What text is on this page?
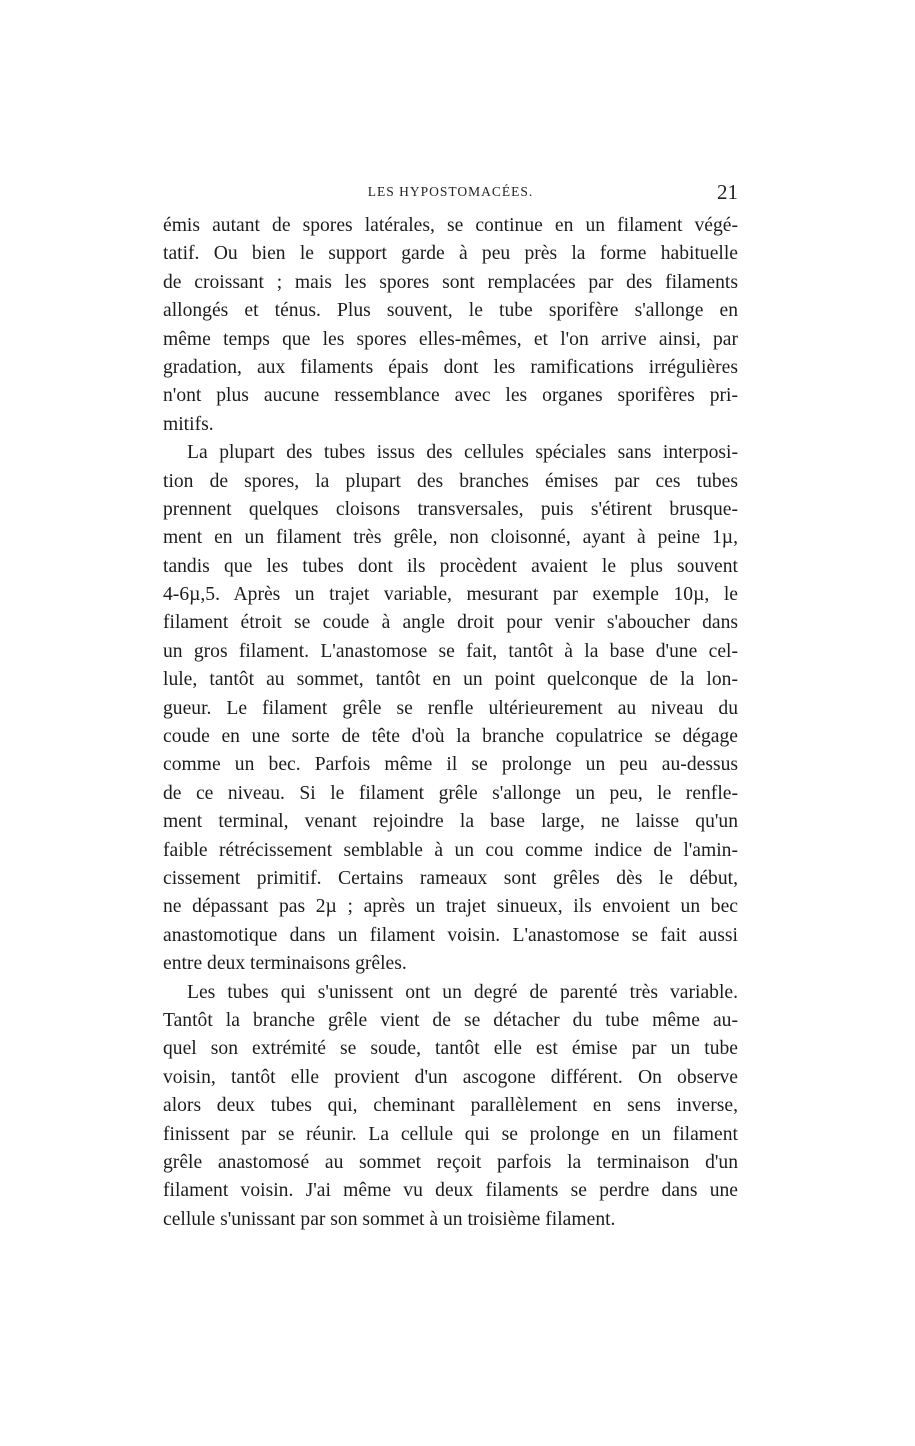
LES HYPOSTOMACÉES.	21
émis autant de spores latérales, se continue en un filament végé-
tatif. Ou bien le support garde à peu près la forme habituelle
de croissant ; mais les spores sont remplacées par des filaments
allongés et ténus. Plus souvent, le tube sporifère s'allonge en
même temps que les spores elles-mêmes, et l'on arrive ainsi, par
gradation, aux filaments épais dont les ramifications irrégulières
n'ont plus aucune ressemblance avec les organes sporifères pri-
mitifs.
La plupart des tubes issus des cellules spéciales sans interposi-
tion de spores, la plupart des branches émises par ces tubes
prennent quelques cloisons transversales, puis s'étirent brusque-
ment en un filament très grêle, non cloisonné, ayant à peine 1µ,
tandis que les tubes dont ils procèdent avaient le plus souvent
4-6µ,5. Après un trajet variable, mesurant par exemple 10µ, le
filament étroit se coude à angle droit pour venir s'aboucher dans
un gros filament. L'anastomose se fait, tantôt à la base d'une cel-
lule, tantôt au sommet, tantôt en un point quelconque de la lon-
gueur. Le filament grêle se renfle ultérieurement au niveau du
coude en une sorte de tête d'où la branche copulatrice se dégage
comme un bec. Parfois même il se prolonge un peu au-dessus
de ce niveau. Si le filament grêle s'allonge un peu, le renfle-
ment terminal, venant rejoindre la base large, ne laisse qu'un
faible rétrécissement semblable à un cou comme indice de l'amin-
cissement primitif. Certains rameaux sont grêles dès le début,
ne dépassant pas 2µ ; après un trajet sinueux, ils envoient un bec
anastomotique dans un filament voisin. L'anastomose se fait aussi
entre deux terminaisons grêles.
Les tubes qui s'unissent ont un degré de parenté très variable.
Tantôt la branche grêle vient de se détacher du tube même au-
quel son extrémité se soude, tantôt elle est émise par un tube
voisin, tantôt elle provient d'un ascogone différent. On observe
alors deux tubes qui, cheminant parallèlement en sens inverse,
finissent par se réunir. La cellule qui se prolonge en un filament
grêle anastomosé au sommet reçoit parfois la terminaison d'un
filament voisin. J'ai même vu deux filaments se perdre dans une
cellule s'unissant par son sommet à un troisième filament.
